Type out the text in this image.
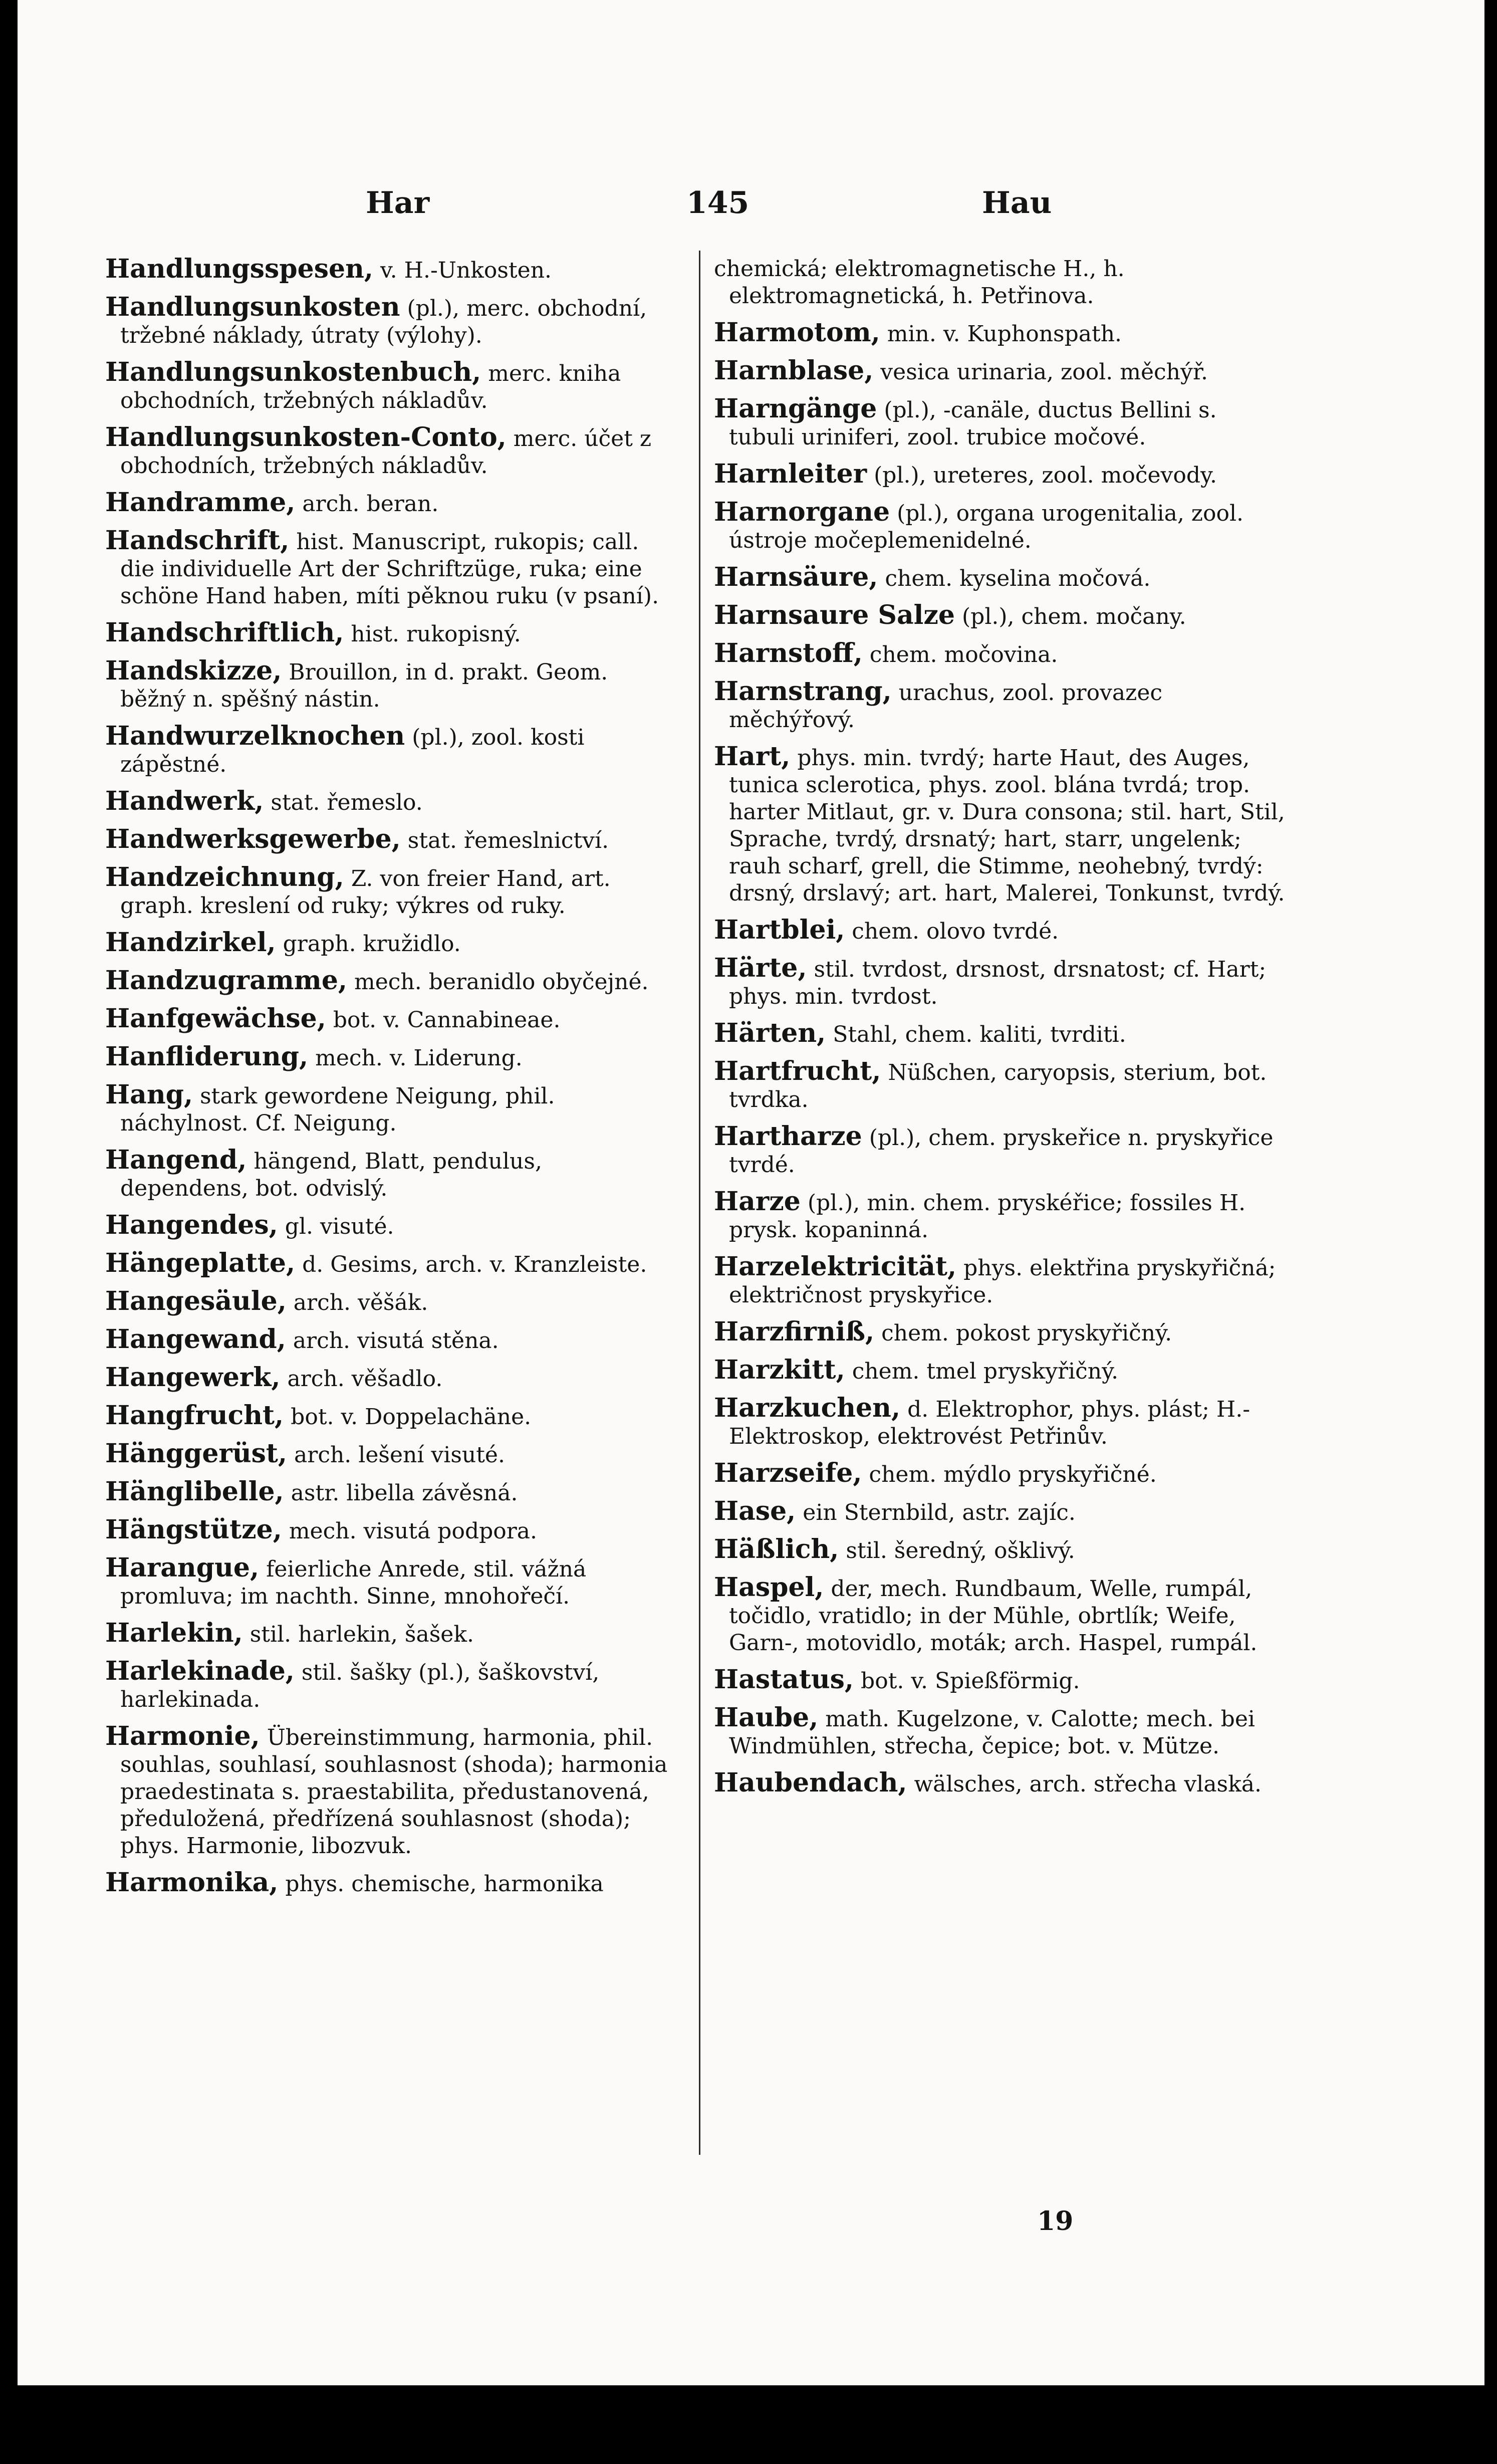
Har	145	Hau
Handlungsspesen, v. H.-Unkosten.
Handlungsunkosten (pl.), merc. obchodní, tržebné náklady, útraty (výlohy).
Handlungsunkostenbuch, merc. kniha obchodních, tržebných nákladův.
Handlungsunkosten-Conto, merc. účet z obchodních, tržebných nákladův.
Handramme, arch. beran.
Handschrift, hist. Manuscript, rukopis; call. die individuelle Art der Schriftzüge, ruka; eine schöne Hand haben, míti pěknou ruku (v psaní).
Handschriftlich, hist. rukopisný.
Handskizze, Brouillon, in d. prakt. Geom. běžný n. spěšný nástin.
Handwurzelknochen (pl.), zool. kosti zápěstné.
Handwerk, stat. řemeslo.
Handwerksgewerbe, stat. řemeslnictví.
Handzeichnung, Z. von freier Hand, art. graph. kreslení od ruky; výkres od ruky.
Handzirkel, graph. kružidlo.
Handzugramme, mech. beranidlo obyčejné.
Hanfgewächse, bot. v. Cannabineae.
Hanfliderung, mech. v. Liderung.
Hang, stark gewordene Neigung, phil. náchylnost. Cf. Neigung.
Hangend, hängend, Blatt, pendulus, dependens, bot. odvislý.
Hangendes, gl. visuté.
Hängeplatte, d. Gesims, arch. v. Kranzleiste.
Hangesäule, arch. věšák.
Hangewand, arch. visutá stěna.
Hangewerk, arch. věšadlo.
Hangfrucht, bot. v. Doppelachäne.
Hänggerüst, arch. lešení visuté.
Hänglibelle, astr. libella závěsná.
Hängstütze, mech. visutá podpora.
Harangue, feierliche Anrede, stil. vážná promluva; im nachth. Sinne, mnohořečí.
Harlekin, stil. harlekin, šašek.
Harlekinade, stil. šašky (pl.), šaškovství, harlekinada.
Harmonie, Übereinstimmung, harmonia, phil. souhlas, souhlasí, souhlasnost (shoda); harmonia praedestinata s. praestabilita, předustanovená, předuložená, předřízená souhlasnost (shoda); phys. Harmonie, libozvuk.
Harmonika, phys. chemische, harmonika
chemická; elektromagnetische H., h. elektromagnetická, h. Petřinova.
Harmotom, min. v. Kuphonspath.
Harnblase, vesica urinaria, zool. měchýř.
Harngänge (pl.), -canäle, ductus Bellini s. tubuli uriniferi, zool. trubice močové.
Harnleiter (pl.), ureteres, zool. močevody.
Harnorgane (pl.), organa urogenitalia, zool. ústroje močeplemenidelné.
Harnsäure, chem. kyselina močová.
Harnsaure Salze (pl.), chem. močany.
Harnstoff, chem. močovina.
Harnstrang, urachus, zool. provazec měchýřový.
Hart, phys. min. tvrdý; harte Haut, des Auges, tunica sclerotica, phys. zool. blána tvrdá; trop. harter Mitlaut, gr. v. Dura consona; stil. hart, Stil, Sprache, tvrdý, drsnatý; hart, starr, ungelenk; rauh scharf, grell, die Stimme, neohebný, tvrdý: drsný, drslavý; art. hart, Malerei, Tonkunst, tvrdý.
Hartblei, chem. olovo tvrdé.
Härte, stil. tvrdost, drsnost, drsnatost; cf. Hart; phys. min. tvrdost.
Härten, Stahl, chem. kaliti, tvrditi.
Hartfrucht, Nüßchen, caryopsis, sterium, bot. tvrdka.
Hartharze (pl.), chem. pryskeřice n. pryskyřice tvrdé.
Harze (pl.), min. chem. pryskéřice; fossiles H. prysk. kopaninná.
Harzelektricität, phys. elektřina pryskyřičná; električnost pryskyřice.
Harzfirniß, chem. pokost pryskyřičný.
Harzkitt, chem. tmel pryskyřičný.
Harzkuchen, d. Elektrophor, phys. plást; H.-Elektroskop, elektrovést Petřinův.
Harzseife, chem. mýdlo pryskyřičné.
Hase, ein Sternbild, astr. zajíc.
Häßlich, stil. šeredný, ošklivý.
Haspel, der, mech. Rundbaum, Welle, rumpál, točidlo, vratidlo; in der Mühle, obrtlík; Weife, Garn-, motovidlo, moták; arch. Haspel, rumpál.
Hastatus, bot. v. Spießförmig.
Haube, math. Kugelzone, v. Calotte; mech. bei Windmühlen, střecha, čepice; bot. v. Mütze.
Haubendach, wälsches, arch. střecha vlaská.
19
